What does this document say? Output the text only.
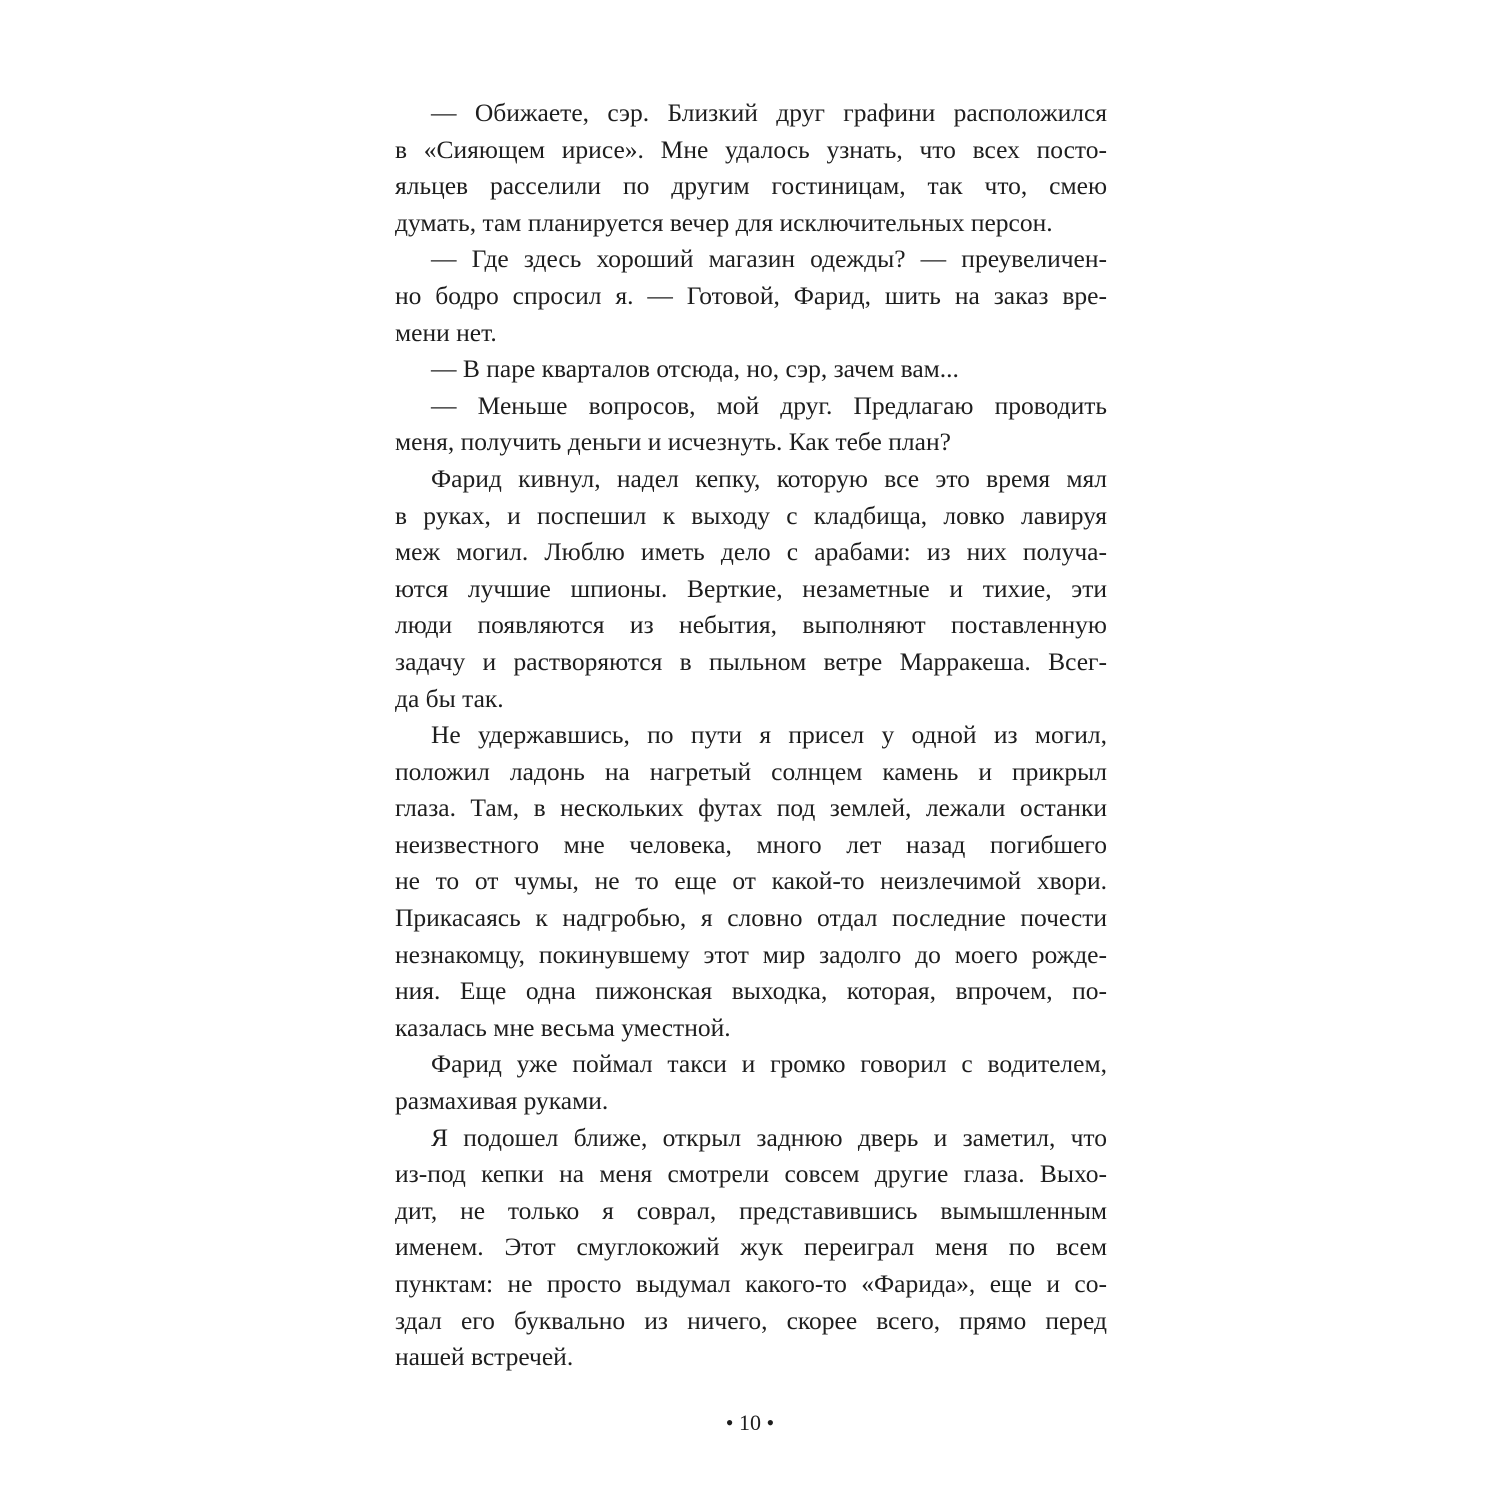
— Обижаете, сэр. Близкий друг графини расположился
в «Сияющем ирисе». Мне удалось узнать, что всех посто-
яльцев расселили по другим гостиницам, так что, смею
думать, там планируется вечер для исключительных персон.
— Где здесь хороший магазин одежды? — преувеличен-
но бодро спросил я. — Готовой, Фарид, шить на заказ вре-
мени нет.
— В паре кварталов отсюда, но, сэр, зачем вам...
— Меньше вопросов, мой друг. Предлагаю проводить
меня, получить деньги и исчезнуть. Как тебе план?
Фарид кивнул, надел кепку, которую все это время мял
в руках, и поспешил к выходу с кладбища, ловко лавируя
меж могил. Люблю иметь дело с арабами: из них получа-
ются лучшие шпионы. Верткие, незаметные и тихие, эти
люди появляются из небытия, выполняют поставленную
задачу и растворяются в пыльном ветре Марракеша. Всег-
да бы так.
Не удержавшись, по пути я присел у одной из могил,
положил ладонь на нагретый солнцем камень и прикрыл
глаза. Там, в нескольких футах под землей, лежали останки
неизвестного мне человека, много лет назад погибшего
не то от чумы, не то еще от какой-то неизлечимой хвори.
Прикасаясь к надгробью, я словно отдал последние почести
незнакомцу, покинувшему этот мир задолго до моего рожде-
ния. Еще одна пижонская выходка, которая, впрочем, по-
казалась мне весьма уместной.
Фарид уже поймал такси и громко говорил с водителем,
размахивая руками.
Я подошел ближе, открыл заднюю дверь и заметил, что
из-под кепки на меня смотрели совсем другие глаза. Выхо-
дит, не только я соврал, представившись вымышленным
именем. Этот смуглокожий жук переиграл меня по всем
пунктам: не просто выдумал какого-то «Фарида», еще и со-
здал его буквально из ничего, скорее всего, прямо перед
нашей встречей.
• 10 •
